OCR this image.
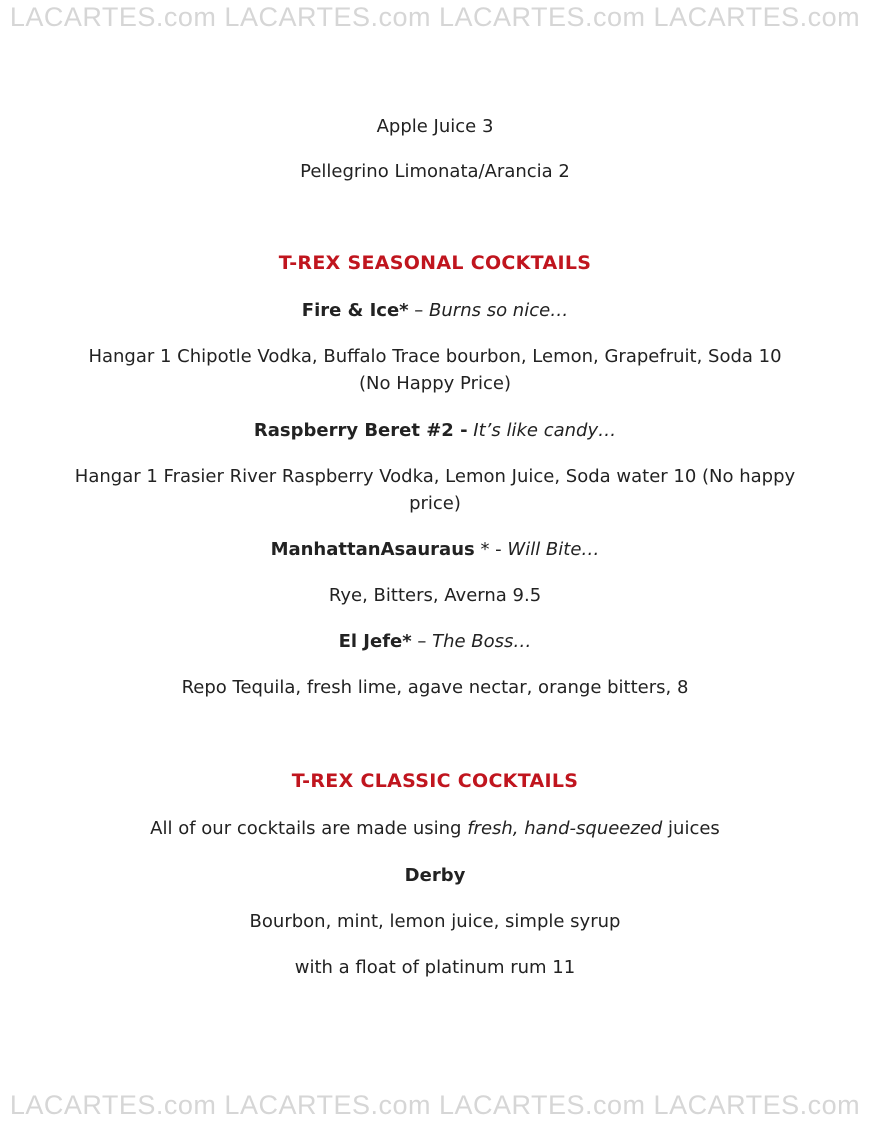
LACARTES.com LACARTES.com LACARTES.com LACARTES.com
Apple Juice 3
Pellegrino Limonata/Arancia 2
T-REX SEASONAL COCKTAILS
Fire & Ice* – Burns so nice…
Hangar 1 Chipotle Vodka, Buffalo Trace bourbon, Lemon, Grapefruit, Soda 10 (No Happy Price)
Raspberry Beret #2 - It’s like candy…
Hangar 1 Frasier River Raspberry Vodka, Lemon Juice, Soda water 10 (No happy price)
ManhattanAsauraus * - Will Bite…
Rye, Bitters, Averna 9.5
El Jefe* – The Boss…
Repo Tequila, fresh lime, agave nectar, orange bitters, 8
T-REX CLASSIC COCKTAILS
All of our cocktails are made using fresh, hand-squeezed juices
Derby
Bourbon, mint, lemon juice, simple syrup
with a float of platinum rum 11
LACARTES.com LACARTES.com LACARTES.com LACARTES.com
